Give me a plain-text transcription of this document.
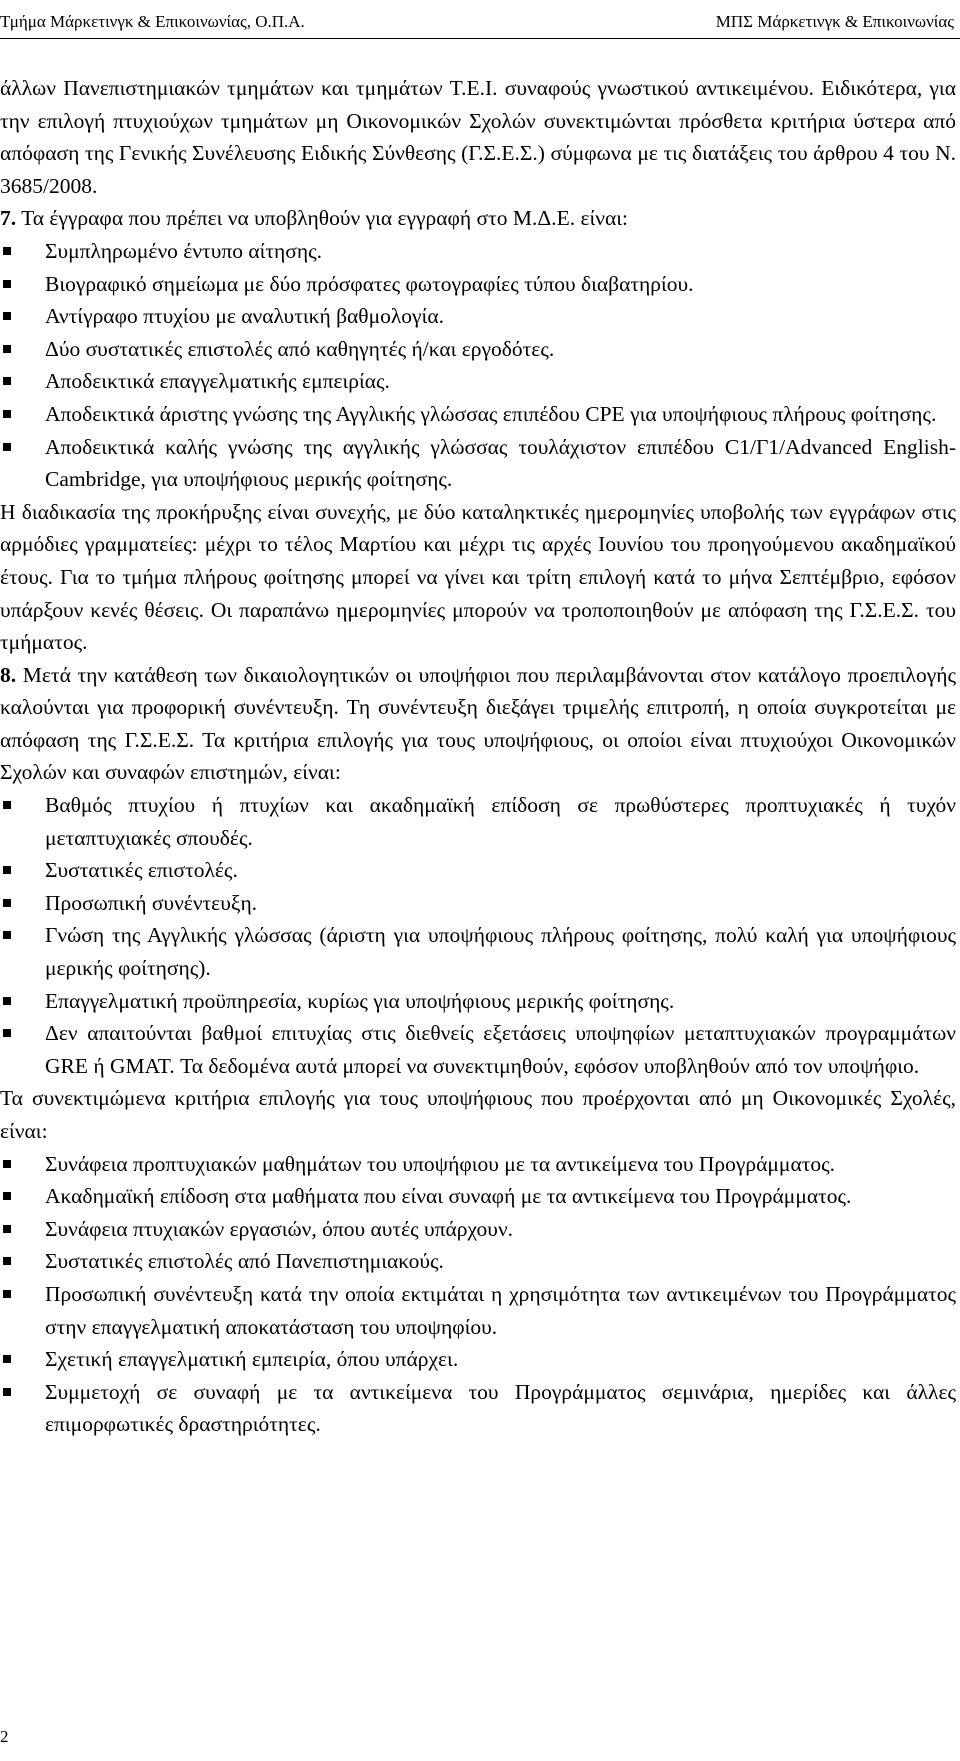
Τμήμα Μάρκετινγκ & Επικοινωνίας, Ο.Π.Α.	ΜΠΣ Μάρκετινγκ & Επικοινωνίας

άλλων Πανεπιστημιακών τμημάτων και τμημάτων Τ.Ε.Ι. συναφούς γνωστικού αντικειμένου. Ειδικότερα, για την επιλογή πτυχιούχων τμημάτων μη Οικονομικών Σχολών συνεκτιμώνται πρόσθετα κριτήρια ύστερα από απόφαση της Γενικής Συνέλευσης Ειδικής Σύνθεσης (Γ.Σ.Ε.Σ.) σύμφωνα με τις διατάξεις του άρθρου 4 του Ν. 3685/2008.

7. Τα έγγραφα που πρέπει να υποβληθούν για εγγραφή στο Μ.Δ.Ε. είναι:

Συμπληρωμένο έντυπο αίτησης.
Βιογραφικό σημείωμα με δύο πρόσφατες φωτογραφίες τύπου διαβατηρίου.
Αντίγραφο πτυχίου με αναλυτική βαθμολογία.
Δύο συστατικές επιστολές από καθηγητές ή/και εργοδότες.
Αποδεικτικά επαγγελματικής εμπειρίας.
Αποδεικτικά άριστης γνώσης της Αγγλικής γλώσσας επιπέδου CPE για υποψήφιους πλήρους φοίτησης.
Αποδεικτικά καλής γνώσης της αγγλικής γλώσσας τουλάχιστον επιπέδου C1/Γ1/Advanced English-Cambridge, για υποψήφιους μερικής φοίτησης.

Η διαδικασία της προκήρυξης είναι συνεχής, με δύο καταληκτικές ημερομηνίες υποβολής των εγγράφων στις αρμόδιες γραμματείες: μέχρι το τέλος Μαρτίου και μέχρι τις αρχές Ιουνίου του προηγούμενου ακαδημαϊκού έτους. Για το τμήμα πλήρους φοίτησης μπορεί να γίνει και τρίτη επιλογή κατά το μήνα Σεπτέμβριο, εφόσον υπάρξουν κενές θέσεις. Οι παραπάνω ημερομηνίες μπορούν να τροποποιηθούν με απόφαση της Γ.Σ.Ε.Σ. του τμήματος.

8. Μετά την κατάθεση των δικαιολογητικών οι υποψήφιοι που περιλαμβάνονται στον κατάλογο προεπιλογής καλούνται για προφορική συνέντευξη. Τη συνέντευξη διεξάγει τριμελής επιτροπή, η οποία συγκροτείται με απόφαση της Γ.Σ.Ε.Σ. Τα κριτήρια επιλογής για τους υποψήφιους, οι οποίοι είναι πτυχιούχοι Οικονομικών Σχολών και συναφών επιστημών, είναι:

Βαθμός πτυχίου ή πτυχίων και ακαδημαϊκή επίδοση σε πρωθύστερες προπτυχιακές ή τυχόν μεταπτυχιακές σπουδές.
Συστατικές επιστολές.
Προσωπική συνέντευξη.
Γνώση της Αγγλικής γλώσσας (άριστη για υποψήφιους πλήρους φοίτησης, πολύ καλή για υποψήφιους μερικής φοίτησης).
Επαγγελματική προϋπηρεσία, κυρίως για υποψήφιους μερικής φοίτησης.
Δεν απαιτούνται βαθμοί επιτυχίας στις διεθνείς εξετάσεις υποψηφίων μεταπτυχιακών προγραμμάτων GRE ή GMAT. Τα δεδομένα αυτά μπορεί να συνεκτιμηθούν, εφόσον υποβληθούν από τον υποψήφιο.

Τα συνεκτιμώμενα κριτήρια επιλογής για τους υποψήφιους που προέρχονται από μη Οικονομικές Σχολές, είναι:

Συνάφεια προπτυχιακών μαθημάτων του υποψήφιου με τα αντικείμενα του Προγράμματος.
Ακαδημαϊκή επίδοση στα μαθήματα που είναι συναφή με τα αντικείμενα του Προγράμματος.
Συνάφεια πτυχιακών εργασιών, όπου αυτές υπάρχουν.
Συστατικές επιστολές από Πανεπιστημιακούς.
Προσωπική συνέντευξη κατά την οποία εκτιμάται η χρησιμότητα των αντικειμένων του Προγράμματος στην επαγγελματική αποκατάσταση του υποψηφίου.
Σχετική επαγγελματική εμπειρία, όπου υπάρχει.
Συμμετοχή σε συναφή με τα αντικείμενα του Προγράμματος σεμινάρια, ημερίδες και άλλες επιμορφωτικές δραστηριότητες.
2
